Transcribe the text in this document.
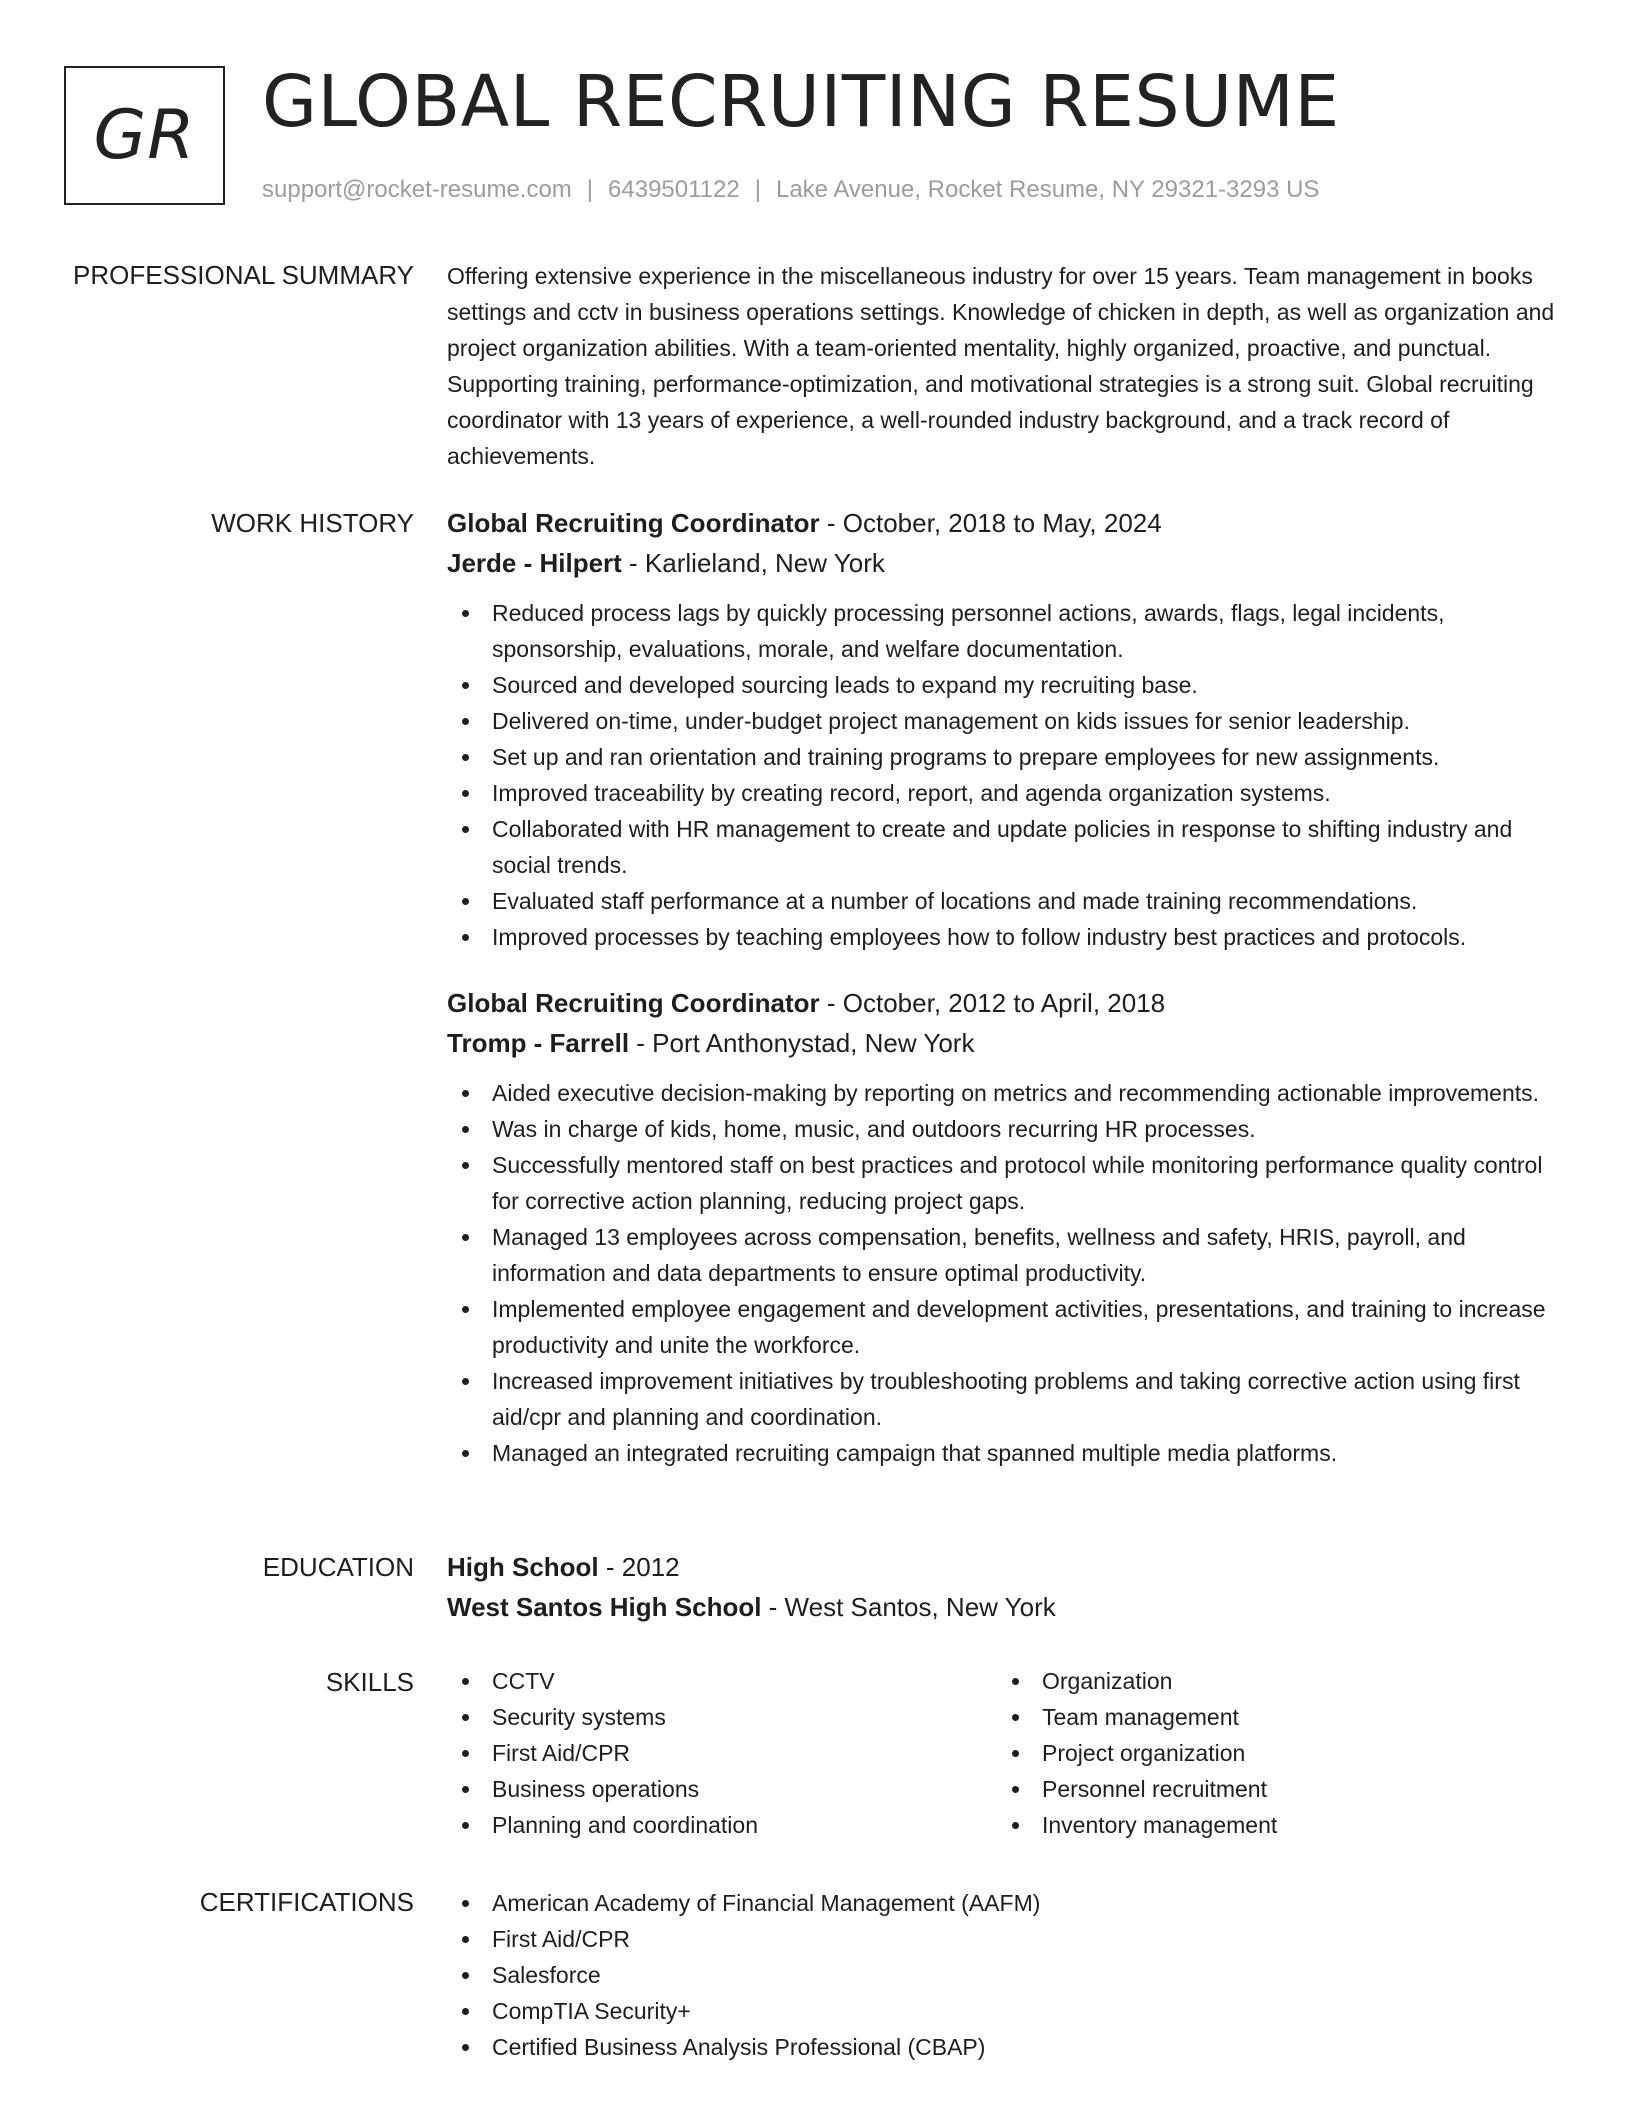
GR GLOBAL RECRUITING RESUME
support@rocket-resume.com | 6439501122 | Lake Avenue, Rocket Resume, NY 29321-3293 US
PROFESSIONAL SUMMARY Offering extensive experience in the miscellaneous industry for over 15 years. Team management in books settings and cctv in business operations settings. Knowledge of chicken in depth, as well as organization and project organization abilities. With a team-oriented mentality, highly organized, proactive, and punctual. Supporting training, performance-optimization, and motivational strategies is a strong suit. Global recruiting coordinator with 13 years of experience, a well-rounded industry background, and a track record of achievements.

WORK HISTORY Global Recruiting Coordinator - October, 2018 to May, 2024
Jerde - Hilpert - Karlieland, New York
Reduced process lags by quickly processing personnel actions, awards, flags, legal incidents, sponsorship, evaluations, morale, and welfare documentation.
Sourced and developed sourcing leads to expand my recruiting base.
Delivered on-time, under-budget project management on kids issues for senior leadership.
Set up and ran orientation and training programs to prepare employees for new assignments.
Improved traceability by creating record, report, and agenda organization systems.
Collaborated with HR management to create and update policies in response to shifting industry and social trends.
Evaluated staff performance at a number of locations and made training recommendations.
Improved processes by teaching employees how to follow industry best practices and protocols.
Global Recruiting Coordinator - October, 2012 to April, 2018
Tromp - Farrell - Port Anthonystad, New York
Aided executive decision-making by reporting on metrics and recommending actionable improvements.
Was in charge of kids, home, music, and outdoors recurring HR processes.
Successfully mentored staff on best practices and protocol while monitoring performance quality control for corrective action planning, reducing project gaps.
Managed 13 employees across compensation, benefits, wellness and safety, HRIS, payroll, and information and data departments to ensure optimal productivity.
Implemented employee engagement and development activities, presentations, and training to increase productivity and unite the workforce.
Increased improvement initiatives by troubleshooting problems and taking corrective action using first aid/cpr and planning and coordination.
Managed an integrated recruiting campaign that spanned multiple media platforms.
EDUCATION High School - 2012
West Santos High School - West Santos, New York
SKILLS	CCTV
Security systems
First Aid/CPR
Business operations
Planning and coordination
Organization
Team management
Project organization
Personnel recruitment
Inventory management
CERTIFICATIONS	American Academy of Financial Management (AAFM)
First Aid/CPR
Salesforce
CompTIA Security+
Certified Business Analysis Professional (CBAP)
